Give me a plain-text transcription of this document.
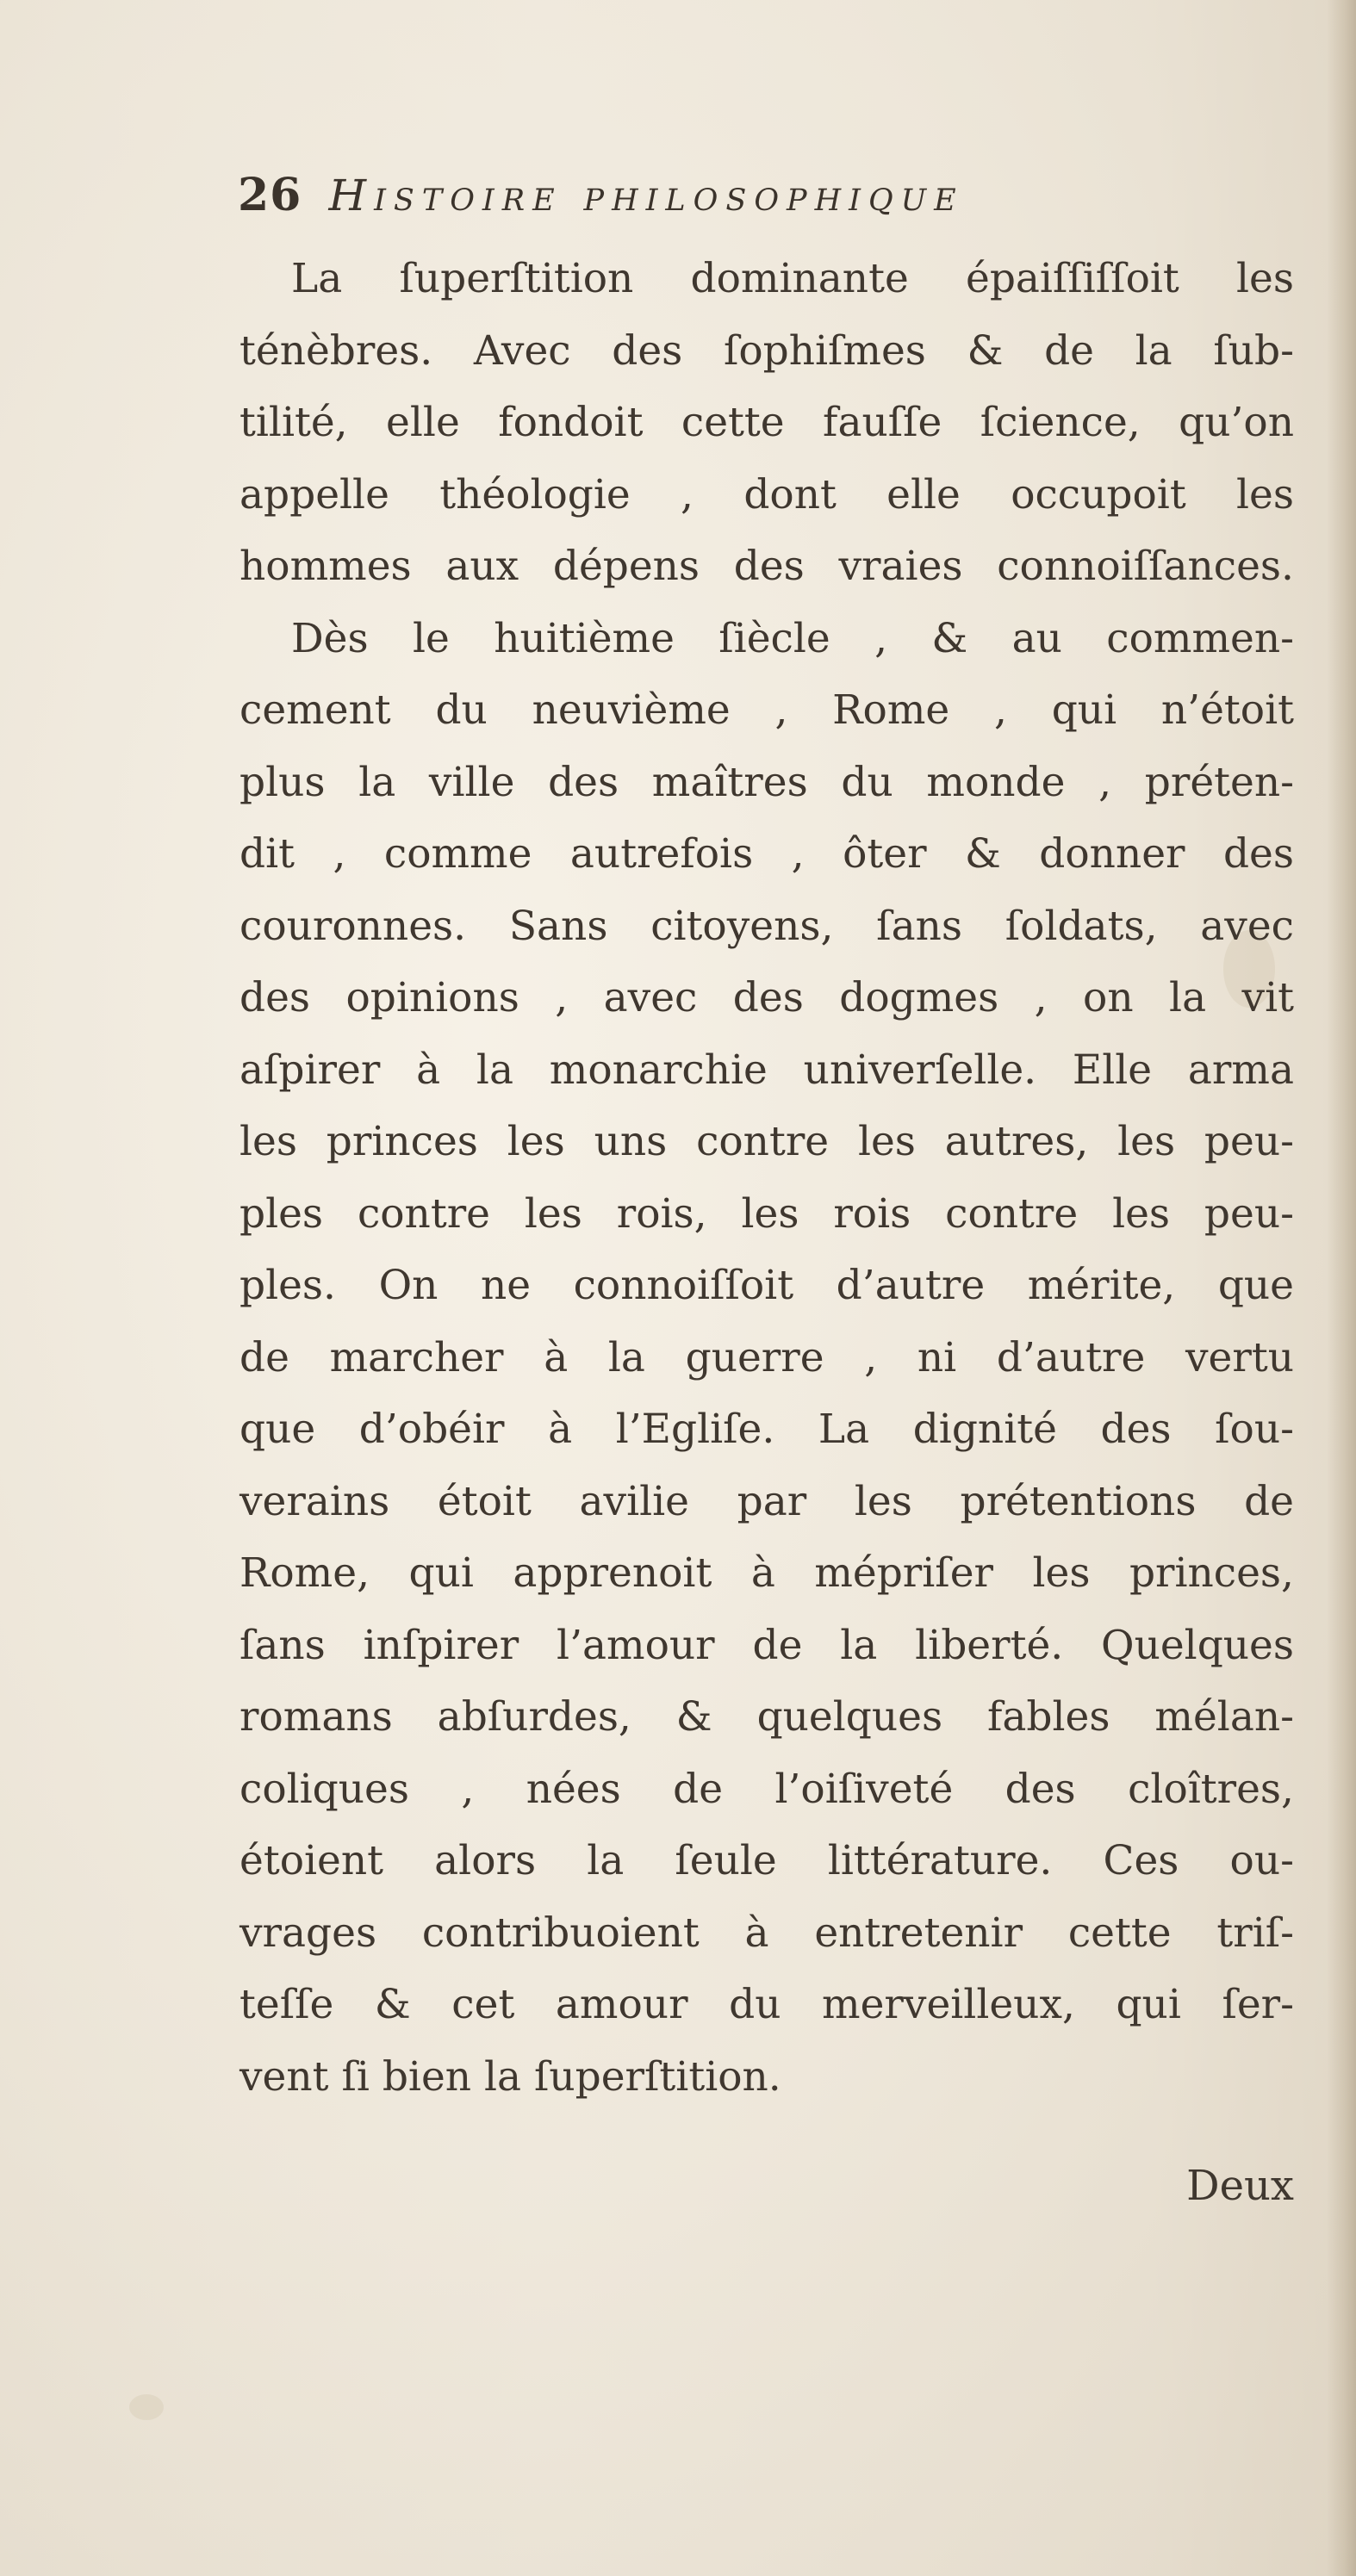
26 Histoire philosophique
La ſuperſtition dominante épaiſſiſſoit les
ténèbres. Avec des ſophiſmes & de la ſub-
tilité, elle fondoit cette fauſſe ſcience, qu’on
appelle théologie , dont elle occupoit les
hommes aux dépens des vraies connoiſſances.
Dès le huitième ſiècle , & au commen-
cement du neuvième , Rome , qui n’étoit
plus la ville des maîtres du monde , préten-
dit , comme autrefois , ôter & donner des
couronnes. Sans citoyens, ſans ſoldats, avec
des opinions , avec des dogmes , on la vit
aſpirer à la monarchie univerſelle. Elle arma
les princes les uns contre les autres, les peu-
ples contre les rois, les rois contre les peu-
ples. On ne connoiſſoit d’autre mérite, que
de marcher à la guerre , ni d’autre vertu
que d’obéir à l’Egliſe. La dignité des ſou-
verains étoit avilie par les prétentions de
Rome, qui apprenoit à mépriſer les princes,
ſans inſpirer l’amour de la liberté. Quelques
romans abſurdes, & quelques fables mélan-
coliques , nées de l’oiſiveté des cloîtres,
étoient alors la ſeule littérature. Ces ou-
vrages contribuoient à entretenir cette triſ-
teſſe & cet amour du merveilleux, qui ſer-
vent ſi bien la ſuperſtition.
Deux
